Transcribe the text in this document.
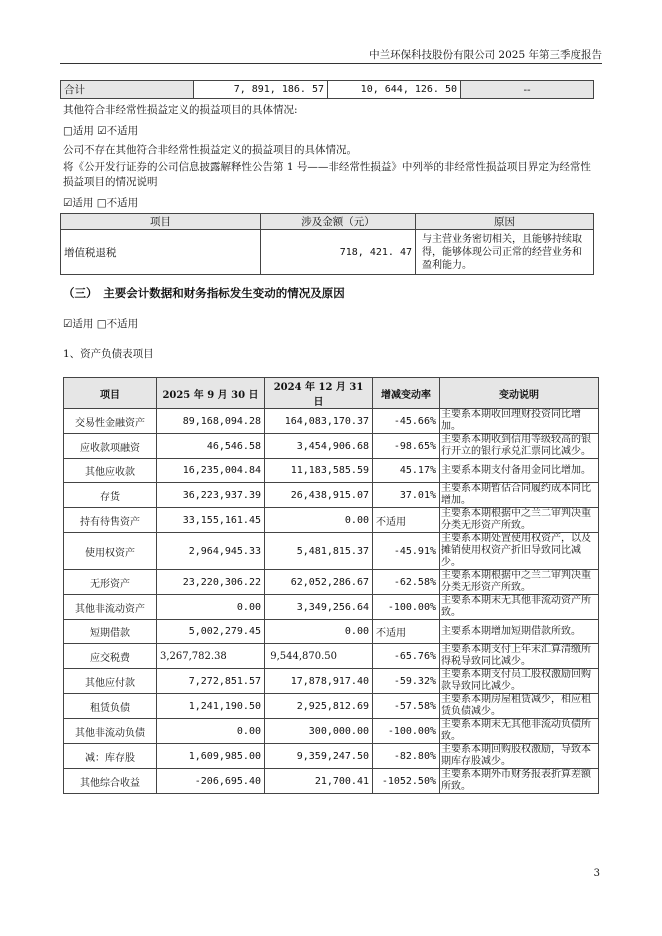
中兰环保科技股份有限公司 2025 年第三季度报告
合计	7, 891, 186. 57	10, 644, 126. 50	--
其他符合非经常性损益定义的损益项目的具体情况:
□适用 ☑不适用
公司不存在其他符合非经常性损益定义的损益项目的具体情况。
将《公开发行证券的公司信息披露解释性公告第 1 号——非经常性损益》中列举的非经常性损益项目界定为经常性损益项目的情况说明
☑适用 □不适用
项目	涉及金额（元）	原因
增值税退税	718, 421. 47	与主营业务密切相关，且能够持续取得，能够体现公司正常的经营业务和盈利能力。
（三）　主要会计数据和财务指标发生变动的情况及原因
☑适用 □不适用
1、资产负债表项目
项目	2025 年 9 月 30 日	2024 年 12 月 31 日	增减变动率	变动说明
交易性金融资产	89,168,094.28	164,083,170.37	-45.66%	主要系本期收回理财投资同比增加。
应收款项融资	46,546.58	3,454,906.68	-98.65%	主要系本期收到信用等级较高的银行开立的银行承兑汇票同比减少。
其他应收款	16,235,004.84	11,183,585.59	45.17%	主要系本期支付备用金同比增加。
存货	36,223,937.39	26,438,915.07	37.01%	主要系本期暂估合同履约成本同比增加。
持有待售资产	33,155,161.45	0.00	不适用	主要系本期根据中之兰二审判决重分类无形资产所致。
使用权资产	2,964,945.33	5,481,815.37	-45.91%	主要系本期处置使用权资产，以及摊销使用权资产折旧导致同比减少。
无形资产	23,220,306.22	62,052,286.67	-62.58%	主要系本期根据中之兰二审判决重分类无形资产所致。
其他非流动资产	0.00	3,349,256.64	-100.00%	主要系本期末无其他非流动资产所致。
短期借款	5,002,279.45	0.00	不适用	主要系本期增加短期借款所致。
应交税费	3,267,782.38	9,544,870.50	-65.76%	主要系本期支付上年末汇算清缴所得税导致同比减少。
其他应付款	7,272,851.57	17,878,917.40	-59.32%	主要系本期支付员工股权激励回购款导致同比减少。
租赁负债	1,241,190.50	2,925,812.69	-57.58%	主要系本期房屋租赁减少，相应租赁负债减少。
其他非流动负债	0.00	300,000.00	-100.00%	主要系本期末无其他非流动负债所致。
减：库存股	1,609,985.00	9,359,247.50	-82.80%	主要系本期回购股权激励，导致本期库存股减少。
其他综合收益	-206,695.40	21,700.41	-1052.50%	主要系本期外币财务报表折算差额所致。
3
